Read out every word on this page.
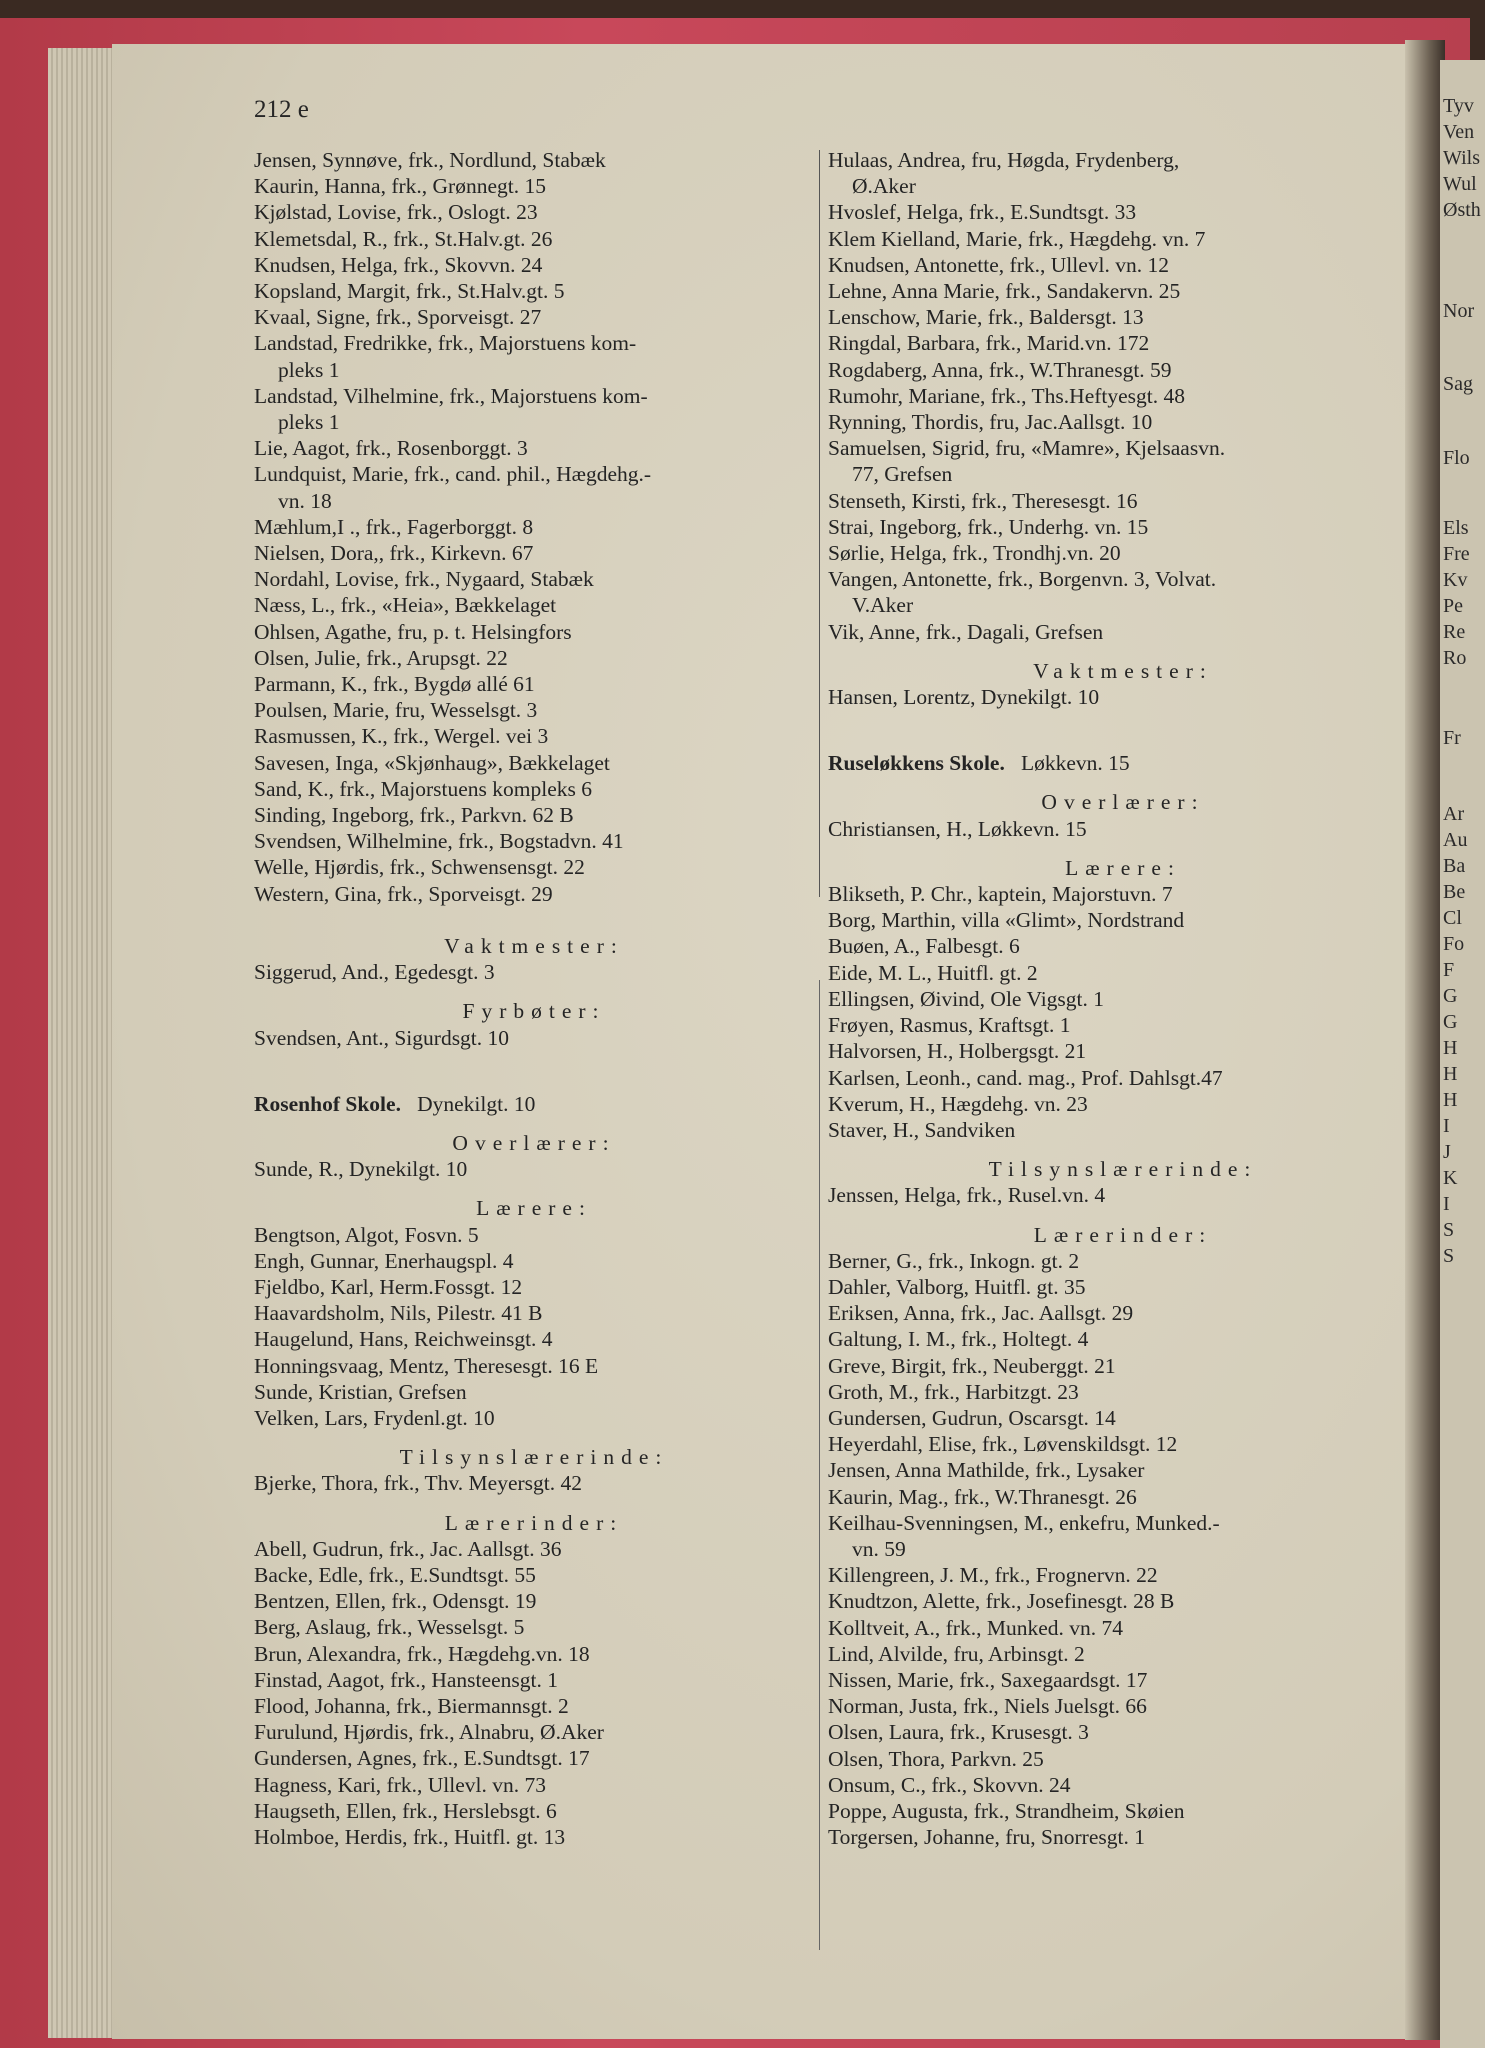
Tyv
Ven
Wils
Wul
Østh
Nor
Sag
Flo
Els
Fre
Kv
Pe
Re
Ro
Fr
Ar
Au
Ba
Be
Cl
Fo
F
G
G
H
H
H
I
J
K
I
S
S
212 e
Jensen, Synnøve, frk., Nordlund, Stabæk
Kaurin, Hanna, frk., Grønnegt. 15
Kjølstad, Lovise, frk., Oslogt. 23
Klemetsdal, R., frk., St.Halv.gt. 26
Knudsen, Helga, frk., Skovvn. 24
Kopsland, Margit, frk., St.Halv.gt. 5
Kvaal, Signe, frk., Sporveisgt. 27
Landstad, Fredrikke, frk., Majorstuens kom-
pleks 1
Landstad, Vilhelmine, frk., Majorstuens kom-
pleks 1
Lie, Aagot, frk., Rosenborggt. 3
Lundquist, Marie, frk., cand. phil., Hægdehg.-
vn. 18
Mæhlum,I ., frk., Fagerborggt. 8
Nielsen, Dora,, frk., Kirkevn. 67
Nordahl, Lovise, frk., Nygaard, Stabæk
Næss, L., frk., «Heia», Bækkelaget
Ohlsen, Agathe, fru, p. t. Helsingfors
Olsen, Julie, frk., Arupsgt. 22
Parmann, K., frk., Bygdø allé 61
Poulsen, Marie, fru, Wesselsgt. 3
Rasmussen, K., frk., Wergel. vei 3
Savesen, Inga, «Skjønhaug», Bækkelaget
Sand, K., frk., Majorstuens kompleks 6
Sinding, Ingeborg, frk., Parkvn. 62 B
Svendsen, Wilhelmine, frk., Bogstadvn. 41
Welle, Hjørdis, frk., Schwensensgt. 22
Western, Gina, frk., Sporveisgt. 29
Vaktmester:
Siggerud, And., Egedesgt. 3
Fyrbøter:
Svendsen, Ant., Sigurdsgt. 10
Rosenhof Skole.   Dynekilgt. 10
Overlærer:
Sunde, R., Dynekilgt. 10
Lærere:
Bengtson, Algot, Fosvn. 5
Engh, Gunnar, Enerhaugspl. 4
Fjeldbo, Karl, Herm.Fossgt. 12
Haavardsholm, Nils, Pilestr. 41 B
Haugelund, Hans, Reichweinsgt. 4
Honningsvaag, Mentz, Theresesgt. 16 E
Sunde, Kristian, Grefsen
Velken, Lars, Frydenl.gt. 10
Tilsynslærerinde:
Bjerke, Thora, frk., Thv. Meyersgt. 42
Lærerinder:
Abell, Gudrun, frk., Jac. Aallsgt. 36
Backe, Edle, frk., E.Sundtsgt. 55
Bentzen, Ellen, frk., Odensgt. 19
Berg, Aslaug, frk., Wesselsgt. 5
Brun, Alexandra, frk., Hægdehg.vn. 18
Finstad, Aagot, frk., Hansteensgt. 1
Flood, Johanna, frk., Biermannsgt. 2
Furulund, Hjørdis, frk., Alnabru, Ø.Aker
Gundersen, Agnes, frk., E.Sundtsgt. 17
Hagness, Kari, frk., Ullevl. vn. 73
Haugseth, Ellen, frk., Herslebsgt. 6
Holmboe, Herdis, frk., Huitfl. gt. 13
Hulaas, Andrea, fru, Høgda, Frydenberg,
Ø.Aker
Hvoslef, Helga, frk., E.Sundtsgt. 33
Klem Kielland, Marie, frk., Hægdehg. vn. 7
Knudsen, Antonette, frk., Ullevl. vn. 12
Lehne, Anna Marie, frk., Sandakervn. 25
Lenschow, Marie, frk., Baldersgt. 13
Ringdal, Barbara, frk., Marid.vn. 172
Rogdaberg, Anna, frk., W.Thranesgt. 59
Rumohr, Mariane, frk., Ths.Heftyesgt. 48
Rynning, Thordis, fru, Jac.Aallsgt. 10
Samuelsen, Sigrid, fru, «Mamre», Kjelsaasvn.
77, Grefsen
Stenseth, Kirsti, frk., Theresesgt. 16
Strai, Ingeborg, frk., Underhg. vn. 15
Sørlie, Helga, frk., Trondhj.vn. 20
Vangen, Antonette, frk., Borgenvn. 3, Volvat.
V.Aker
Vik, Anne, frk., Dagali, Grefsen
Vaktmester:
Hansen, Lorentz, Dynekilgt. 10
Ruseløkkens Skole.   Løkkevn. 15
Overlærer:
Christiansen, H., Løkkevn. 15
Lærere:
Blikseth, P. Chr., kaptein, Majorstuvn. 7
Borg, Marthin, villa «Glimt», Nordstrand
Buøen, A., Falbesgt. 6
Eide, M. L., Huitfl. gt. 2
Ellingsen, Øivind, Ole Vigsgt. 1
Frøyen, Rasmus, Kraftsgt. 1
Halvorsen, H., Holbergsgt. 21
Karlsen, Leonh., cand. mag., Prof. Dahlsgt.47
Kverum, H., Hægdehg. vn. 23
Staver, H., Sandviken
Tilsynslærerinde:
Jenssen, Helga, frk., Rusel.vn. 4
Lærerinder:
Berner, G., frk., Inkogn. gt. 2
Dahler, Valborg, Huitfl. gt. 35
Eriksen, Anna, frk., Jac. Aallsgt. 29
Galtung, I. M., frk., Holtegt. 4
Greve, Birgit, frk., Neuberggt. 21
Groth, M., frk., Harbitzgt. 23
Gundersen, Gudrun, Oscarsgt. 14
Heyerdahl, Elise, frk., Løvenskildsgt. 12
Jensen, Anna Mathilde, frk., Lysaker
Kaurin, Mag., frk., W.Thranesgt. 26
Keilhau-Svenningsen, M., enkefru, Munked.-
vn. 59
Killengreen, J. M., frk., Frognervn. 22
Knudtzon, Alette, frk., Josefinesgt. 28 B
Kolltveit, A., frk., Munked. vn. 74
Lind, Alvilde, fru, Arbinsgt. 2
Nissen, Marie, frk., Saxegaardsgt. 17
Norman, Justa, frk., Niels Juelsgt. 66
Olsen, Laura, frk., Krusesgt. 3
Olsen, Thora, Parkvn. 25
Onsum, C., frk., Skovvn. 24
Poppe, Augusta, frk., Strandheim, Skøien
Torgersen, Johanne, fru, Snorresgt. 1
